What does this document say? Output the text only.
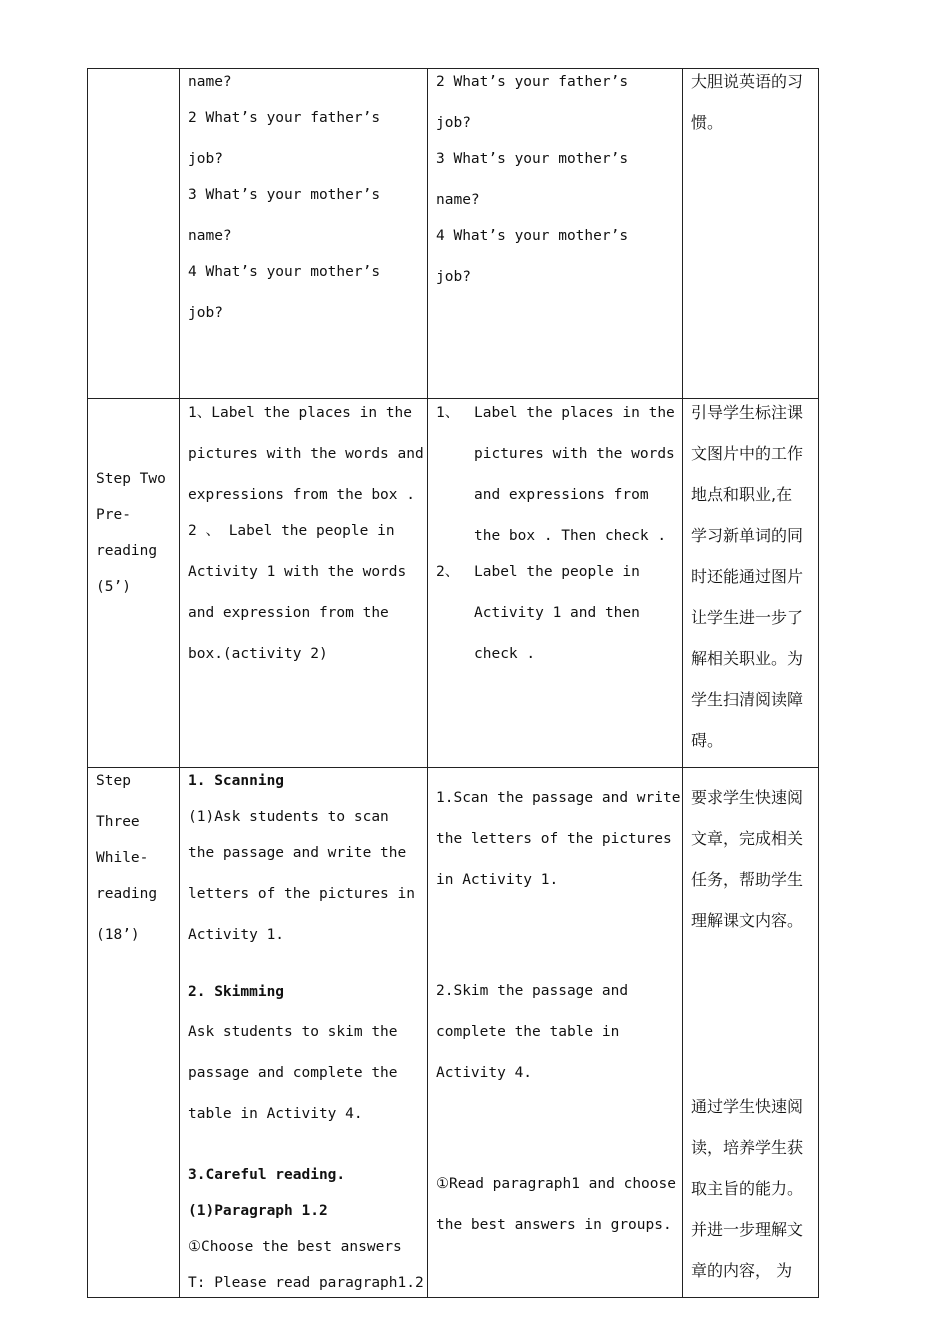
name?
2 What’s your father’s
job?
3 What’s your mother’s
name?
4 What’s your mother’s
job?
2 What’s your father’s
job?
3 What’s your mother’s
name?
4 What’s your mother’s
job?
大胆说英语的习
惯。
Step Two
Pre-
reading
(5’)
1、Label the places in the
pictures with the words and
expressions from the box .
2 、 Label the people in
Activity 1 with the words
and expression from the
box.(activity 2)
1、 Label the places in the
pictures with the words
and expressions from
the box . Then check .
2、 Label the people in
Activity 1 and then
check .
引导学生标注课
文图片中的工作
地点和职业,在
学习新单词的同
时还能通过图片
让学生进一步了
解相关职业。为
学生扫清阅读障
碍。
Step
Three
While-
reading
(18’)
1. Scanning
(1)Ask students to scan
the passage and write the
letters of the pictures in
Activity 1.
2. Skimming
Ask students to skim the
passage and complete the
table in Activity 4.
3.Careful reading.
(1)Paragraph 1.2
①Choose the best answers
T: Please read paragraph1.2
1.Scan the passage and write
the letters of the pictures
in Activity 1.
2.Skim the passage and
complete the table in
Activity 4.
①Read paragraph1 and choose
the best answers in groups.
要求学生快速阅
文章，完成相关
任务，帮助学生
理解课文内容。
通过学生快速阅
读，培养学生获
取主旨的能力。
并进一步理解文
章的内容， 为
